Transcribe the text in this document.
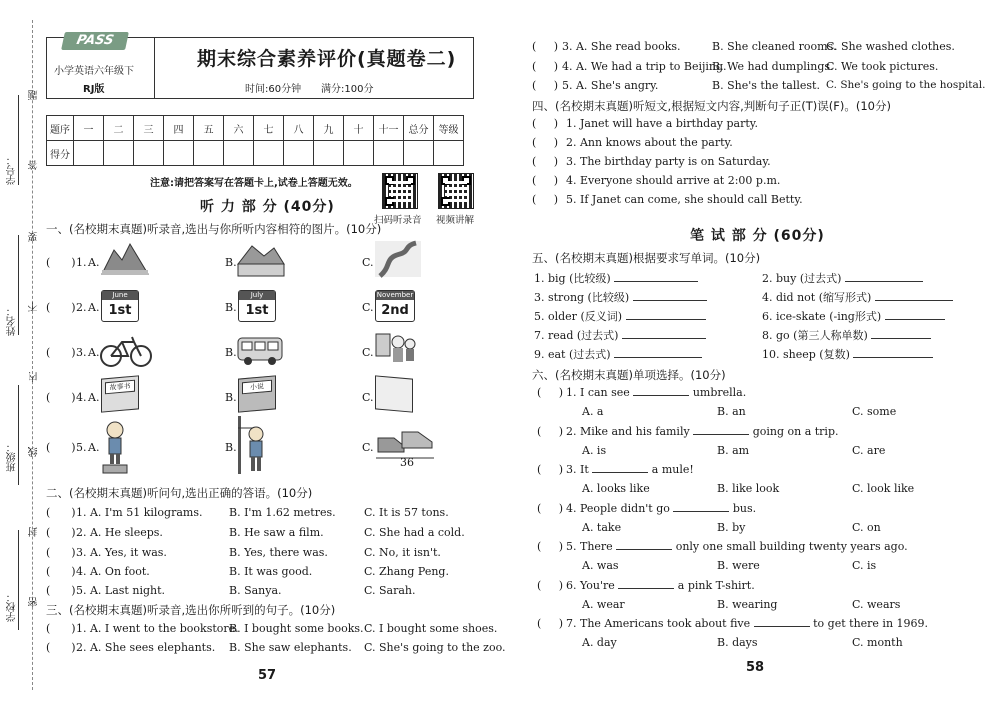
学号：
姓名：
班级：
学校：
题
答
要
不
内
线
封
密
PASS
小学英语六年级下
RJ版
期末综合素养评价(真题卷二)
时间:60分钟 满分:100分
题序	一	二	三	四	五	六	七	八	九	十	十一	总分	等级
得分													
注意:请把答案写在答题卡上,试卷上答题无效。
扫码听录音 视频讲解
听 力 部 分 (40分)
一、(名校期末真题)听录音,选出与你所听内容相符的图片。(10分)
(      ) 1. A.	B.	C.
(      ) 2. A.
June
1st	B.
July
1st	C.
November
2nd
(      ) 3. A.	B.	C.
(      ) 4. A.
故事书
B.
小说
C.
(      ) 5. A.	B.	C.
36
二、(名校期末真题)听问句,选出正确的答语。(10分)
(      ) 1. A. I'm 51 kilograms. B. I'm 1.62 metres.	C. It is 57 tons.
(      ) 2. A. He sleeps.	B. He saw a film.	C. She had a cold.
(      ) 3. A. Yes, it was.	B. Yes, there was.	C. No, it isn't.
(      ) 4. A. On foot.	B. It was good.	C. Zhang Peng.
(      ) 5. A. Last night.	B. Sanya.	C. Sarah.
三、(名校期末真题)听录音,选出你所听到的句子。(10分)
(      ) 1. A. I went to the bookstore.
B. I bought some books. C. I bought some shoes.
(      ) 2. A. She sees elephants. B. She saw elephants. C. She's going to the zoo.
57
(     ) 3. A. She read books.	B. She cleaned rooms.
C. She washed clothes.
(     ) 4. A. We had a trip to Beijing.
B. We had dumplings.
C. We took pictures.
(     ) 5. A. She's angry.	B. She's the tallest. C. She's going to the hospital.
四、(名校期末真题)听短文,根据短文内容,判断句子正(T)误(F)。(10分)
(     ) 1. Janet will have a birthday party.
(     ) 2. Ann knows about the party.
(     ) 3. The birthday party is on Saturday.
(     ) 4. Everyone should arrive at 2:00 p.m.
(     ) 5. If Janet can come, she should call Betty.
笔 试 部 分 (60分)
五、(名校期末真题)根据要求写单词。(10分)
1. big (比较级)	2. buy (过去式)
3. strong (比较级)	4. did not (缩写形式)
5. older (反义词)	6. ice-skate (-ing形式)
7. read (过去式)	8. go (第三人称单数)
9. eat (过去式)	10. sheep (复数)
六、(名校期末真题)单项选择。(10分)
(     ) 1. I can see	umbrella.
A. a	B. an	C. some
(     ) 2. Mike and his family	going on a trip.
A. is	B. am	C. are
(     ) 3. It	a mule!
A. looks like	B. like look	C. look like
(     ) 4. People didn't go	bus.
A. take	B. by	C. on
(     ) 5. There	only one small building twenty years ago.
A. was	B. were	C. is
(     ) 6. You're	a pink T-shirt.
A. wear	B. wearing	C. wears
(     ) 7. The Americans took about five	to get there in 1969.
A. day	B. days	C. month
58
